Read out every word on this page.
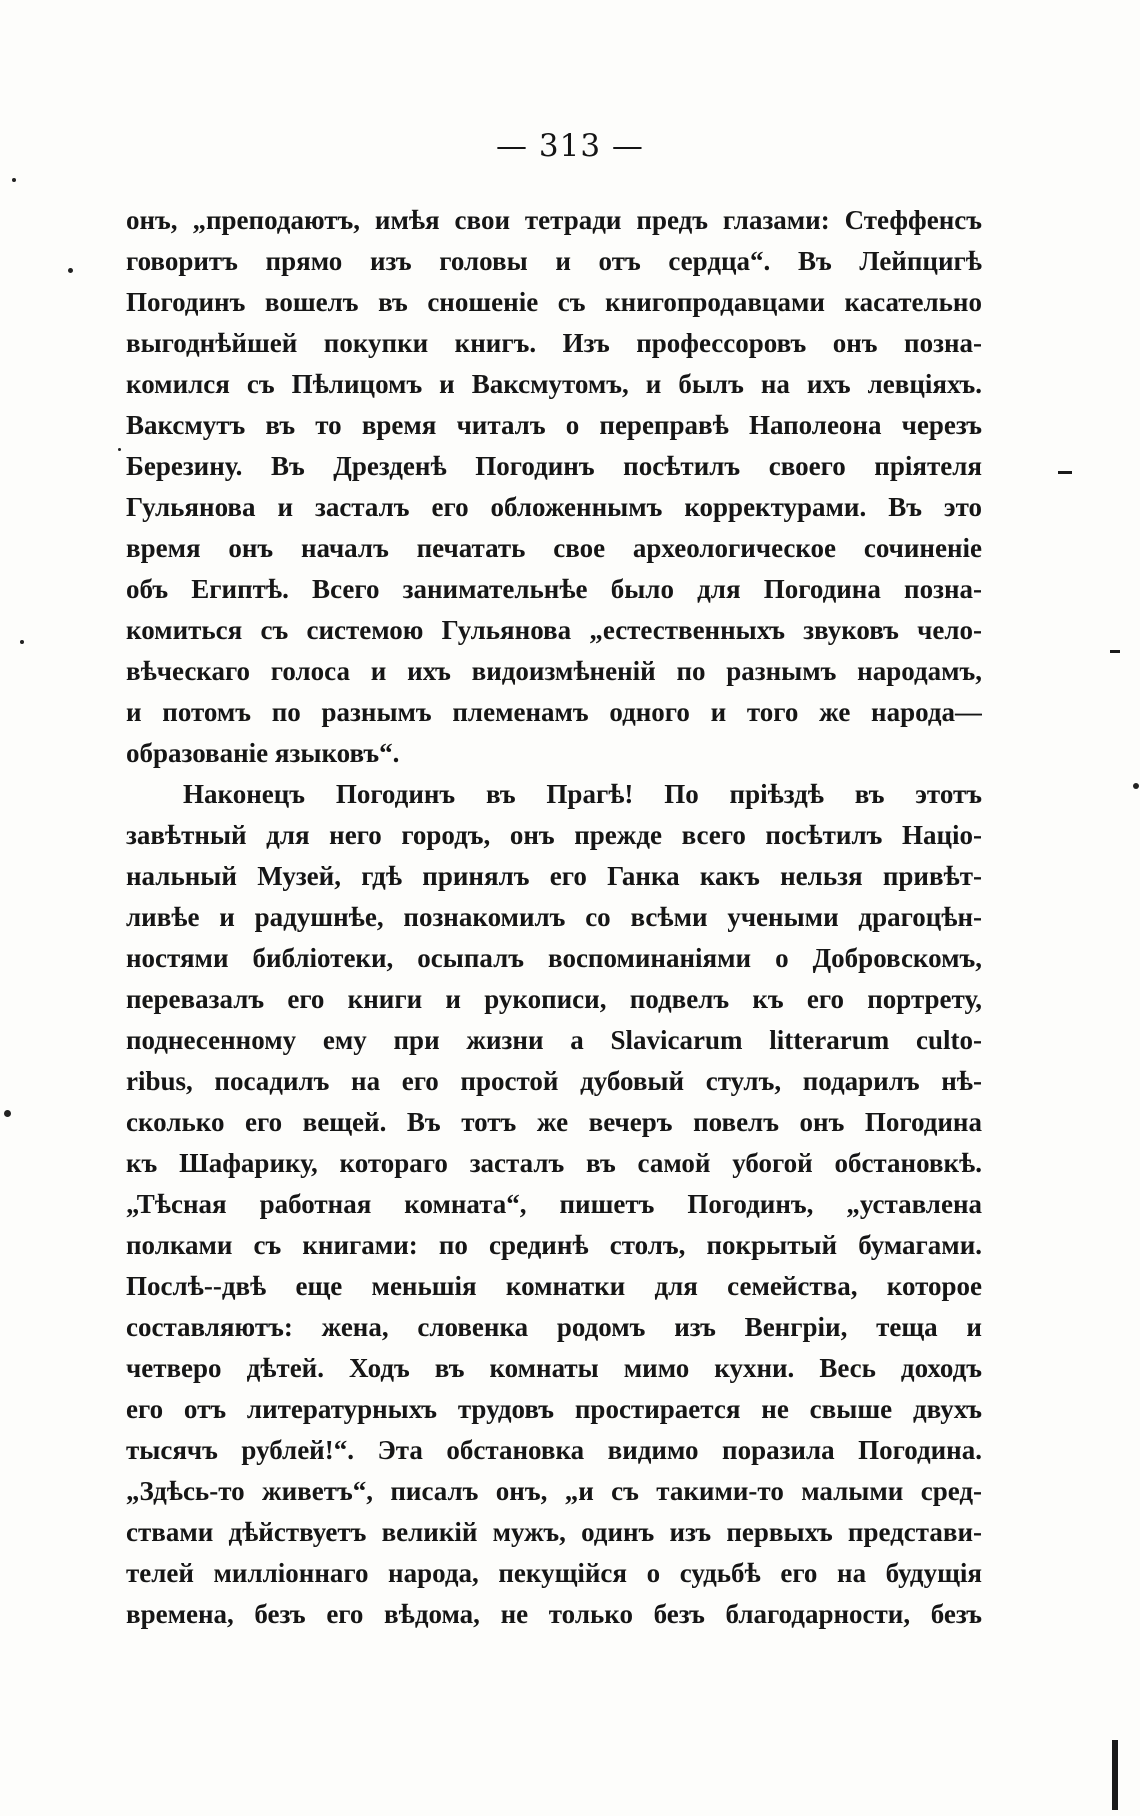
— 313 —
онъ, „преподаютъ, имѣя свои тетради предъ глазами: Стеффенсъ
говоритъ прямо изъ головы и отъ сердца“. Въ Лейпцигѣ
Погодинъ вошелъ въ сношеніе съ книгопродавцами касательно
выгоднѣйшей покупки книгъ. Изъ профессоровъ онъ позна-
комился съ Пѣлицомъ и Ваксмутомъ, и былъ на ихъ левціяхъ.
Ваксмутъ въ то время читалъ о переправѣ Наполеона черезъ
Березину. Въ Дрезденѣ Погодинъ посѣтилъ своего пріятеля
Гульянова и засталъ его обложеннымъ корректурами. Въ это
время онъ началъ печатать свое археологическое сочиненіе
объ Египтѣ. Всего занимательнѣе было для Погодина позна-
комиться съ системою Гульянова „естественныхъ звуковъ чело-
вѣческаго голоса и ихъ видоизмѣненій по разнымъ народамъ,
и потомъ по разнымъ племенамъ одного и того же народа—
образованіе языковъ“.
Наконецъ Погодинъ въ Прагѣ! По пріѣздѣ въ этотъ
завѣтный для него городъ, онъ прежде всего посѣтилъ Націо-
нальный Музей, гдѣ принялъ его Ганка какъ нельзя привѣт-
ливѣе и радушнѣе, познакомилъ со всѣми учеными драгоцѣн-
ностями библіотеки, осыпалъ воспоминаніями о Добровскомъ,
перевазалъ его книги и рукописи, подвелъ къ его портрету,
поднесенному ему при жизни а Slavicarum litterarum culto-
ribus, посадилъ на его простой дубовый стулъ, подарилъ нѣ-
сколько его вещей. Въ тотъ же вечеръ повелъ онъ Погодина
къ Шафарику, котораго засталъ въ самой убогой обстановкѣ.
„Тѣсная работная комната“, пишетъ Погодинъ, „уставлена
полками съ книгами: по срединѣ столъ, покрытый бумагами.
Послѣ--двѣ еще меньшія комнатки для семейства, которое
составляютъ: жена, словенка родомъ изъ Венгріи, теща и
четверо дѣтей. Ходъ въ комнаты мимо кухни. Весь доходъ
его отъ литературныхъ трудовъ простирается не свыше двухъ
тысячъ рублей!“. Эта обстановка видимо поразила Погодина.
„Здѣсь-то живетъ“, писалъ онъ, „и съ такими-то малыми сред-
ствами дѣйствуетъ великій мужъ, одинъ изъ первыхъ представи-
телей милліоннаго народа, пекущійся о судьбѣ его на будущія
времена, безъ его вѣдома, не только безъ благодарности, безъ
